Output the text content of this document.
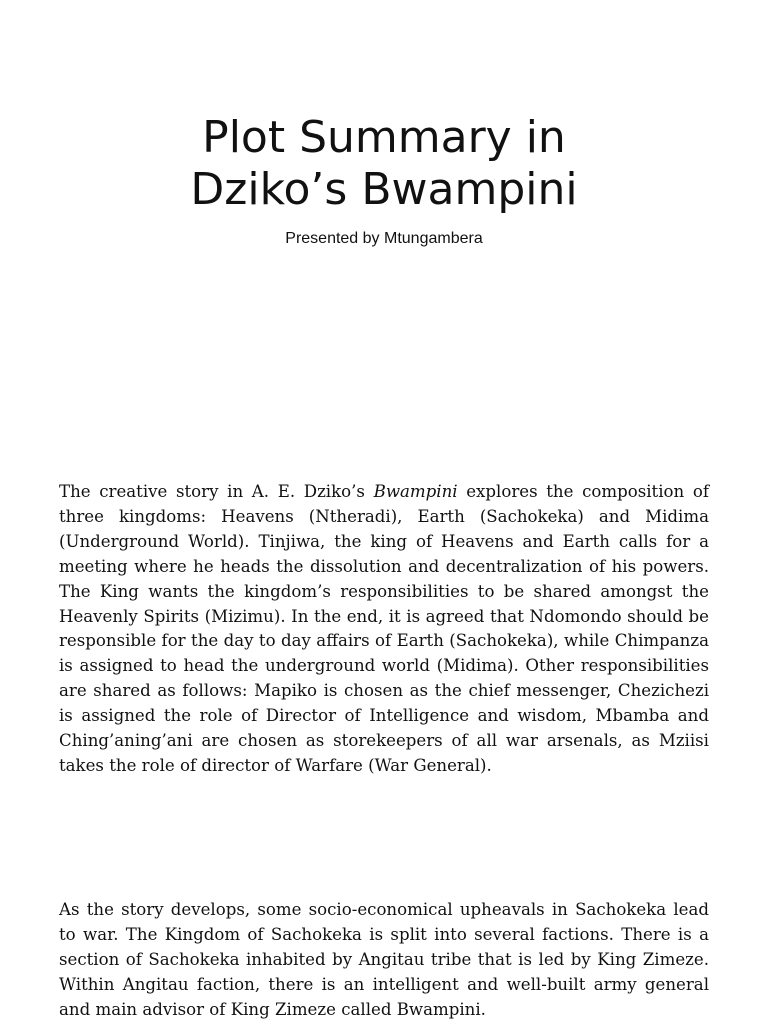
Plot Summary in
Dziko’s Bwampini
Presented by Mtungambera

The creative story in A. E. Dziko’s Bwampini explores the composition of three kingdoms: Heavens (Ntheradi), Earth (Sachokeka) and Midima (Underground World). Tinjiwa, the king of Heavens and Earth calls for a meeting where he heads the dissolution and decentralization of his powers. The King wants the kingdom’s responsibilities to be shared amongst the Heavenly Spirits (Mizimu). In the end, it is agreed that Ndomondo should be responsible for the day to day affairs of Earth (Sachokeka), while Chimpanza is assigned to head the underground world (Midima). Other responsibilities are shared as follows: Mapiko is chosen as the chief messenger, Chezichezi is assigned the role of Director of Intelligence and wisdom, Mbamba and Ching’aning’ani are chosen as storekeepers of all war arsenals, as Mziisi takes the role of director of Warfare (War General).

As the story develops, some socio-economical upheavals in Sachokeka lead to war. The Kingdom of Sachokeka is split into several factions. There is a section of Sachokeka inhabited by Angitau tribe that is led by King Zimeze. Within Angitau faction, there is an intelligent and well-built army general and main advisor of King Zimeze called Bwampini.
